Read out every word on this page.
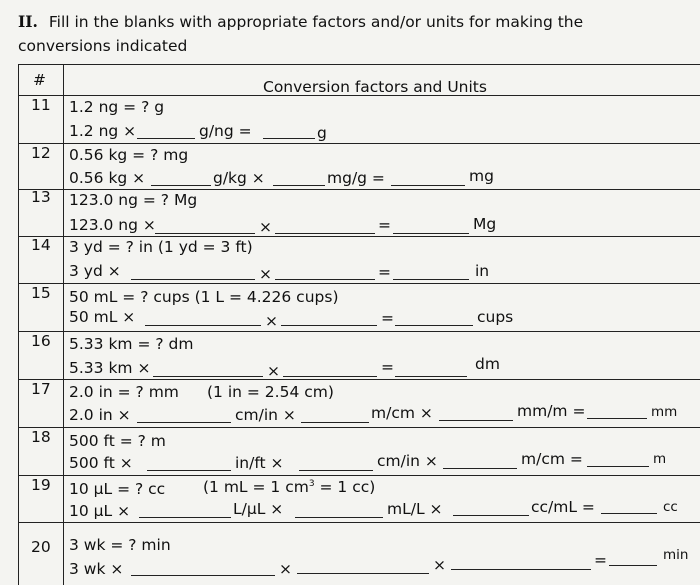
II. Fill in the blanks with appropriate factors and/or units for making the conversions indicated
#	Conversion factors and Units
11 1.2 ng = ? g
1.2 ng ×	g/ng =	g
12 0.56 kg = ? mg
0.56 kg ×	g/kg ×	mg/g =	mg
13 123.0 ng = ? Mg
123.0 ng ×	×	=	Mg
14 3 yd = ? in (1 yd = 3 ft)
3 yd ×	×	=	in
15 50 mL = ? cups (1 L = 4.226 cups)
50 mL ×	×	=	cups
16 5.33 km = ? dm
5.33 km ×	×	=	dm
17 2.0 in = ? mm (1 in = 2.54 cm)
2.0 in ×	cm/in ×	m/cm ×	mm/m =	mm
18 500 ft = ? m
500 ft ×	in/ft ×	cm/in ×	m/cm =	m
19 10 μL = ? cc (1 mL = 1 $cm^3 = 1$ cc)
10 μL ×	L/μL ×	mL/L ×	cc/mL =	cc
20 3 wk = ? min
3 wk ×	×	×	=	min
